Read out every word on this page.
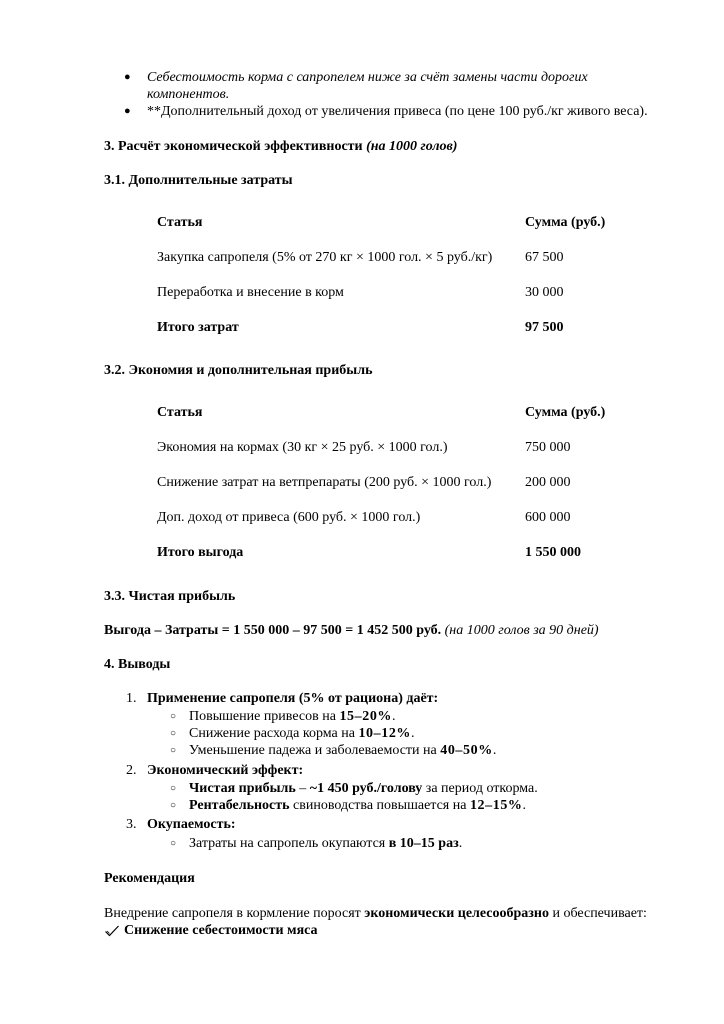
● Себестоимость корма с сапропелем ниже за счёт замены части дорогих
компонентов.
● **Дополнительный доход от увеличения привеса (по цене 100 руб./кг живого веса).
3. Расчёт экономической эффективности (на 1000 голов)
3.1. Дополнительные затраты
Статья	Сумма (руб.)
Закупка сапропеля (5% от 270 кг × 1000 гол. × 5 руб./кг) 67 500
Переработка и внесение в корм	30 000
Итого затрат	97 500
3.2. Экономия и дополнительная прибыль
Статья	Сумма (руб.)
Экономия на кормах (30 кг × 25 руб. × 1000 гол.)	750 000
Снижение затрат на ветпрепараты (200 руб. × 1000 гол.) 200 000
Доп. доход от привеса (600 руб. × 1000 гол.)	600 000
Итого выгода	1 550 000
3.3. Чистая прибыль
Выгода – Затраты = 1 550 000 – 97 500 = 1 452 500 руб. (на 1000 голов за 90 дней)
4. Выводы
1. Применение сапропеля (5% от рациона) даёт:
○ Повышение привесов на 15–20%.
○ Снижение расхода корма на 10–12%.
○ Уменьшение падежа и заболеваемости на 40–50%.
2. Экономический эффект:
○ Чистая прибыль – ~1 450 руб./голову за период откорма.
○ Рентабельность свиноводства повышается на 12–15%.
3. Окупаемость:
○ Затраты на сапропель окупаются в 10–15 раз.
Рекомендация
Внедрение сапропеля в кормление поросят экономически целесообразно и обеспечивает:
Снижение себестоимости мяса
